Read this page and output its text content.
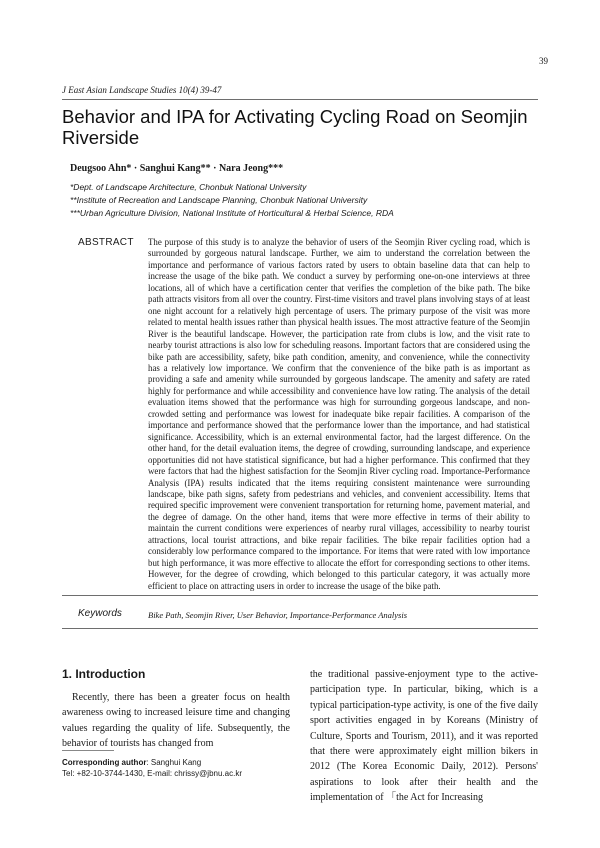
39
J East Asian Landscape Studies 10(4) 39-47
Behavior and IPA for Activating Cycling Road on Seomjin Riverside
Deugsoo Ahn* · Sanghui Kang** · Nara Jeong***
*Dept. of Landscape Architecture, Chonbuk National University
**Institute of Recreation and Landscape Planning, Chonbuk National University
***Urban Agriculture Division, National Institute of Horticultural & Herbal Science, RDA
ABSTRACT The purpose of this study is to analyze the behavior of users of the Seomjin River cycling road, which is surrounded by gorgeous natural landscape. Further, we aim to understand the correlation between the importance and performance of various factors rated by users to obtain baseline data that can help to increase the usage of the bike path. We conduct a survey by performing one-on-one interviews at three locations, all of which have a certification center that verifies the completion of the bike path. The bike path attracts visitors from all over the country. First-time visitors and travel plans involving stays of at least one night account for a relatively high percentage of users. The primary purpose of the visit was more related to mental health issues rather than physical health issues. The most attractive feature of the Seomjin River is the beautiful landscape. However, the participation rate from clubs is low, and the visit rate to nearby tourist attractions is also low for scheduling reasons. Important factors that are considered using the bike path are accessibility, safety, bike path condition, amenity, and convenience, while the connectivity has a relatively low importance. We confirm that the convenience of the bike path is as important as providing a safe and amenity while surrounded by gorgeous landscape. The amenity and safety are rated highly for performance and while accessibility and convenience have low rating. The analysis of the detail evaluation items showed that the performance was high for surrounding gorgeous landscape, and non-crowded setting and performance was lowest for inadequate bike repair facilities. A comparison of the importance and performance showed that the performance lower than the importance, and had statistical significance. Accessibility, which is an external environmental factor, had the largest difference. On the other hand, for the detail evaluation items, the degree of crowding, surrounding landscape, and experience opportunities did not have statistical significance, but had a higher performance. This confirmed that they were factors that had the highest satisfaction for the Seomjin River cycling road. Importance-Performance Analysis (IPA) results indicated that the items requiring consistent maintenance were surrounding landscape, bike path signs, safety from pedestrians and vehicles, and convenient accessibility. Items that required specific improvement were convenient transportation for returning home, pavement material, and the degree of damage. On the other hand, items that were more effective in terms of their ability to maintain the current conditions were experiences of nearby rural villages, accessibility to nearby tourist attractions, local tourist attractions, and bike repair facilities. The bike repair facilities option had a considerably low performance compared to the importance. For items that were rated with low importance but high performance, it was more effective to allocate the effort for corresponding sections to other items. However, for the degree of crowding, which belonged to this particular category, it was actually more efficient to place on attracting users in order to increase the usage of the bike path.
Keywords	Bike Path, Seomjin River, User Behavior, Importance-Performance Analysis
1. Introduction
Recently, there has been a greater focus on health awareness owing to increased leisure time and changing values regarding the quality of life. Subsequently, the behavior of tourists has changed from
Corresponding author: Sanghui Kang
Tel: +82-10-3744-1430, E-mail: chrissy@jbnu.ac.kr
the traditional passive-enjoyment type to the active-participation type. In particular, biking, which is a typical participation-type activity, is one of the five daily sport activities engaged in by Koreans (Ministry of Culture, Sports and Tourism, 2011), and it was reported that there were approximately eight million bikers in 2012 (The Korea Economic Daily, 2012). Persons' aspirations to look after their health and the implementation of 「the Act for Increasing
